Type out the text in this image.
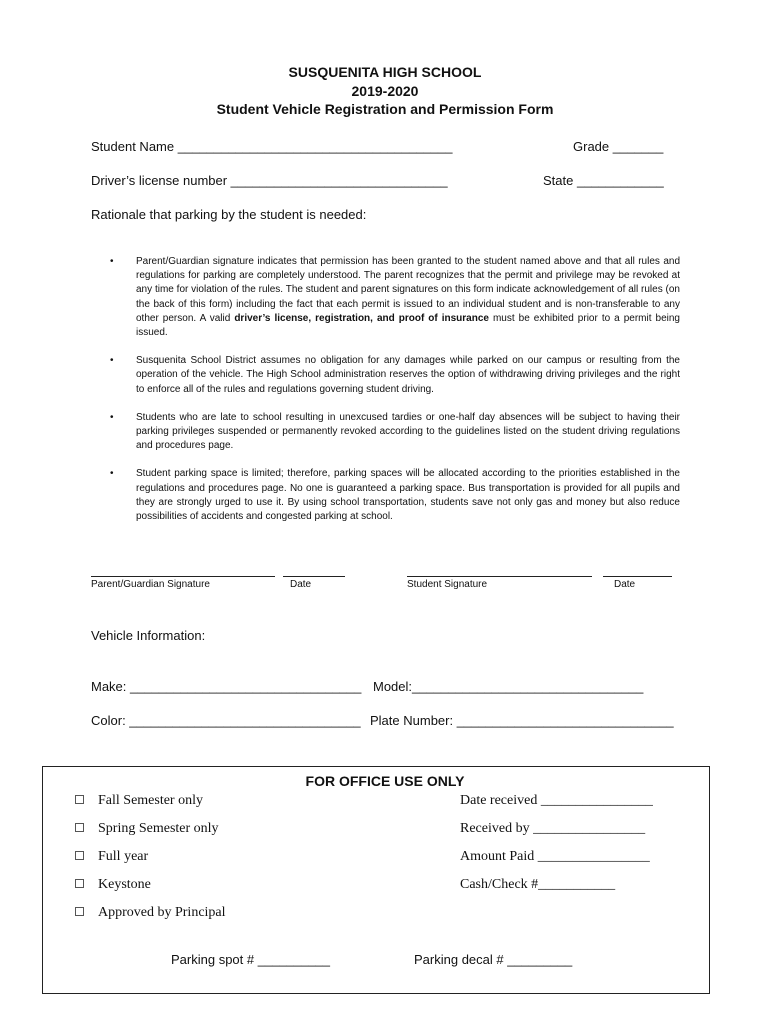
SUSQUENITA HIGH SCHOOL
2019-2020
Student Vehicle Registration and Permission Form
Student Name ______________________________________	Grade _______
Driver’s license number ______________________________	State ____________
Rationale that parking by the student is needed:
• Parent/Guardian signature indicates that permission has been granted to the student named above and that all rules and regulations for parking are completely understood. The parent recognizes that the permit and privilege may be revoked at any time for violation of the rules. The student and parent signatures on this form indicate acknowledgement of all rules (on the back of this form) including the fact that each permit is issued to an individual student and is non-transferable to any other person. A valid driver’s license, registration, and proof of insurance must be exhibited prior to a permit being issued.
• Susquenita School District assumes no obligation for any damages while parked on our campus or resulting from the operation of the vehicle. The High School administration reserves the option of withdrawing driving privileges and the right to enforce all of the rules and regulations governing student driving.
• Students who are late to school resulting in unexcused tardies or one-half day absences will be subject to having their parking privileges suspended or permanently revoked according to the guidelines listed on the student driving regulations and procedures page.
• Student parking space is limited; therefore, parking spaces will be allocated according to the priorities established in the regulations and procedures page. No one is guaranteed a parking space. Bus transportation is provided for all pupils and they are strongly urged to use it. By using school transportation, students save not only gas and money but also reduce possibilities of accidents and congested parking at school.
Parent/Guardian Signature	Date	Student Signature	Date
Vehicle Information:
Make: ________________________________ Model:________________________________
Color: ________________________________ Plate Number: ______________________________
FOR OFFICE USE ONLY
Fall Semester only
Spring Semester only
Full year
Keystone
Approved by Principal
Date received ________________
Received by ________________
Amount Paid ________________
Cash/Check #___________
Parking spot # __________	Parking decal # _________
